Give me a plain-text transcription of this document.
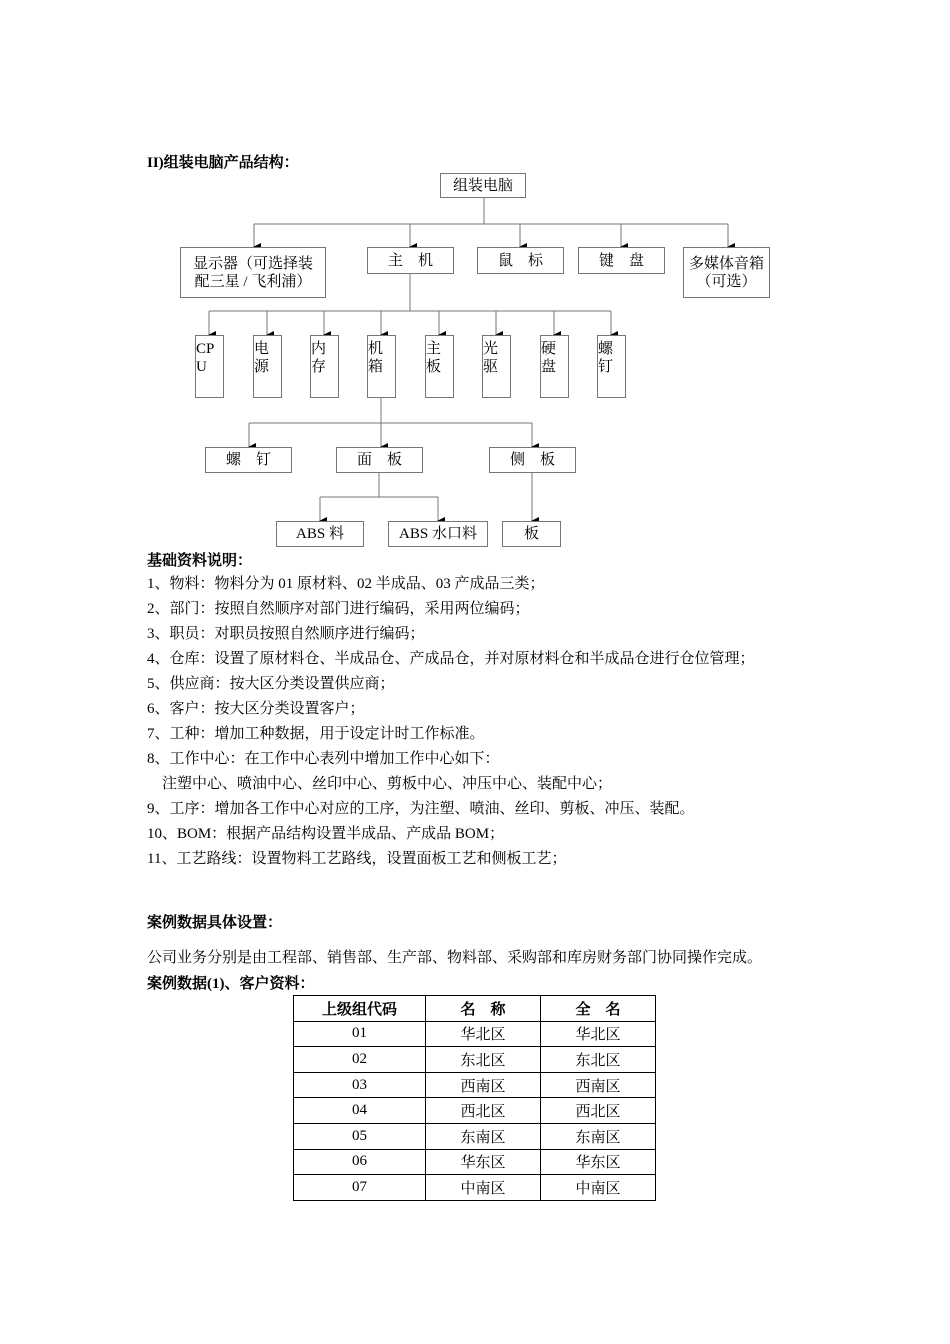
II)组装电脑产品结构：
组装电脑
显示器（可选择装
配三星 / 飞利浦）
主　机	鼠　标	键　盘	多媒体音箱
（可选）
CP
U
电
源
内
存
机
箱
主
板
光
驱
硬
盘
螺
钉
螺　钉	面　板	侧　板
ABS 料	ABS 水口料	板
基础资料说明：
1、物料：物料分为 01 原材料、02 半成品、03 产成品三类；
2、部门：按照自然顺序对部门进行编码，采用两位编码；
3、职员：对职员按照自然顺序进行编码；
4、仓库：设置了原材料仓、半成品仓、产成品仓，并对原材料仓和半成品仓进行仓位管理；
5、供应商：按大区分类设置供应商；
6、客户：按大区分类设置客户；
7、工种：增加工种数据，用于设定计时工作标准。
8、工作中心：在工作中心表列中增加工作中心如下：
　注塑中心、喷油中心、丝印中心、剪板中心、冲压中心、装配中心；
9、工序：增加各工作中心对应的工序，为注塑、喷油、丝印、剪板、冲压、装配。
10、BOM：根据产品结构设置半成品、产成品 BOM；
11、工艺路线：设置物料工艺路线，设置面板工艺和侧板工艺；
案例数据具体设置：
公司业务分别是由工程部、销售部、生产部、物料部、采购部和库房财务部门协同操作完成。
案例数据(1)、客户资料：
上级组代码	名　称	全　名
01	华北区	华北区
02	东北区	东北区
03	西南区	西南区
04	西北区	西北区
05	东南区	东南区
06	华东区	华东区
07	中南区	中南区
